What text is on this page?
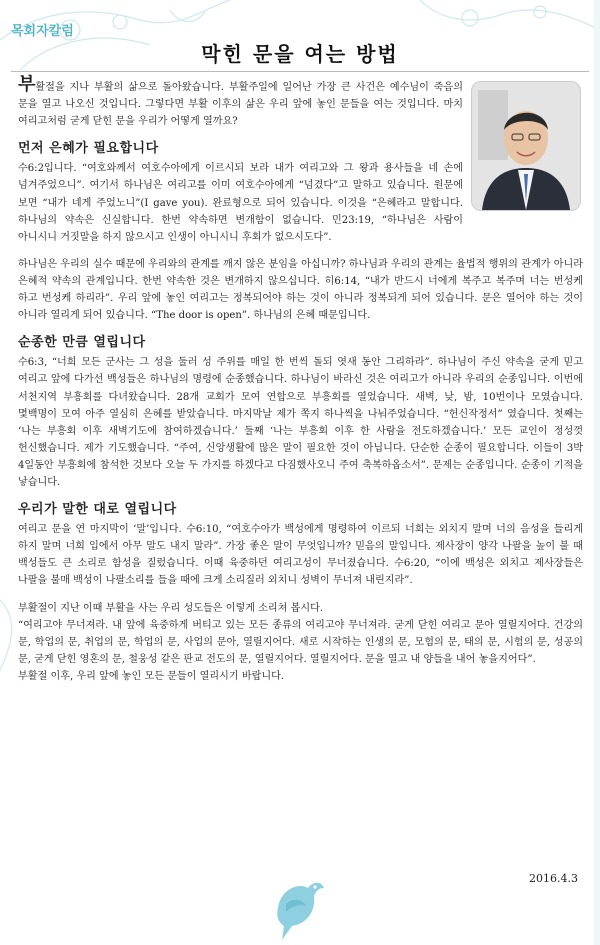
목회자칼럼
막힌 문을 여는 방법

부활절을 지나 부활의 삶으로 돌아왔습니다. 부활주일에 일어난 가장 큰 사건은 예수님이 죽음의 문을 열고 나오신 것입니다. 그렇다면 부활 이후의 삶은 우리 앞에 놓인 문들을 여는 것입니다. 마치 여리고처럼 굳게 닫힌 문을 우리가 어떻게 열까요?

먼저 은혜가 필요합니다

수6:2입니다. “여호와께서 여호수아에게 이르시되 보라 내가 여리고와 그 왕과 용사들을 네 손에 넘겨주었으니”. 여기서 하나님은 여리고를 이미 여호수아에게 “넘겼다”고 말하고 있습니다. 원문에 보면 “내가 네게 주었노니”(I gave you). 완료형으로 되어 있습니다. 이것을 “은혜라고 말합니다. 하나님의 약속은 신실합니다. 한번 약속하면 변개함이 없습니다. 민23:19, “하나님은 사람이 아니시니 거짓말을 하지 않으시고 인생이 아니시니 후회가 없으시도다”.

하나님은 우리의 실수 때문에 우리와의 관계를 깨지 않은 분임을 아십니까? 하나님과 우리의 관계는 율법적 행위의 관계가 아니라 은혜적 약속의 관계입니다. 한번 약속한 것은 변개하지 않으십니다. 히6:14, “내가 반드시 너에게 복주고 복주며 너는 번성케 하고 번성케 하리라”. 우리 앞에 놓인 여리고는 정복되어야 하는 것이 아니라 정복되게 되어 있습니다. 문은 열어야 하는 것이 아니라 열리게 되어 있습니다. “The door is open”. 하나님의 은혜 때문입니다.

순종한 만큼 열립니다

수6:3, “너희 모든 군사는 그 성을 둘러 성 주위를 매일 한 번씩 돌되 엿새 동안 그리하라”. 하나님이 주신 약속을 굳게 믿고 여리고 앞에 다가선 백성들은 하나님의 명령에 순종했습니다. 하나님이 바라신 것은 여리고가 아니라 우리의 순종입니다. 이번에 서천지역 부흥회를 다녀왔습니다. 28개 교회가 모여 연합으로 부흥회를 열었습니다. 새벽, 낮, 밤, 10번이나 모였습니다. 몇백명이 모여 아주 열심히 은혜를 받았습니다. 마지막날 제가 쪽지 하나씩을 나눠주었습니다. “헌신작정서” 였습니다. 첫째는 ‘나는 부흥회 이후 새벽기도에 참여하겠습니다.’ 둘째 ‘나는 부흥회 이후 한 사람을 전도하겠습니다.’ 모든 교인이 정성껏 헌신했습니다. 제가 기도했습니다. “주여, 신앙생활에 많은 말이 필요한 것이 아닙니다. 단순한 순종이 필요합니다. 이들이 3박 4일동안 부흥회에 참석한 것보다 오늘 두 가지를 하겠다고 다짐했사오니 주여 축복하옵소서”. 문제는 순종입니다. 순종이 기적을 낳습니다.

우리가 말한 대로 열립니다

여리고 문을 연 마지막이 ‘말’입니다. 수6:10, “여호수아가 백성에게 명령하여 이르되 너희는 외치지 말며 너의 음성을 들리게 하지 말며 너희 입에서 아무 말도 내지 말라”. 가장 좋은 말이 무엇입니까? 믿음의 말입니다. 제사장이 양각 나팔을 높이 불 때 백성들도 큰 소리로 함성을 질렀습니다. 이때 육중하던 여리고성이 무너졌습니다. 수6:20, “이에 백성은 외치고 제사장들은 나팔을 불매 백성이 나팔소리를 들을 때에 크게 소리질러 외치니 성벽이 무너져 내린지라”.

부활절이 지난 이때 부활을 사는 우리 성도들은 이렇게 소리쳐 봅시다.

“여리고야 무너져라. 내 앞에 육중하게 버티고 있는 모든 종류의 여리고야 무너져라. 굳게 닫힌 여리고 문아 열릴지어다. 건강의 문, 학업의 문, 취업의 문, 학업의 문, 사업의 문아, 열릴지어다. 새로 시작하는 인생의 문, 모험의 문, 태의 문, 시험의 문, 성공의 문, 굳게 닫힌 영혼의 문, 철웅성 같은 판교 전도의 문, 열릴지어다. 열릴지어다. 문을 열고 내 양들을 내어 놓을지어다”.

부활절 이후, 우리 앞에 놓인 모든 문들이 열리시기 바랍니다.

2016.4.3
